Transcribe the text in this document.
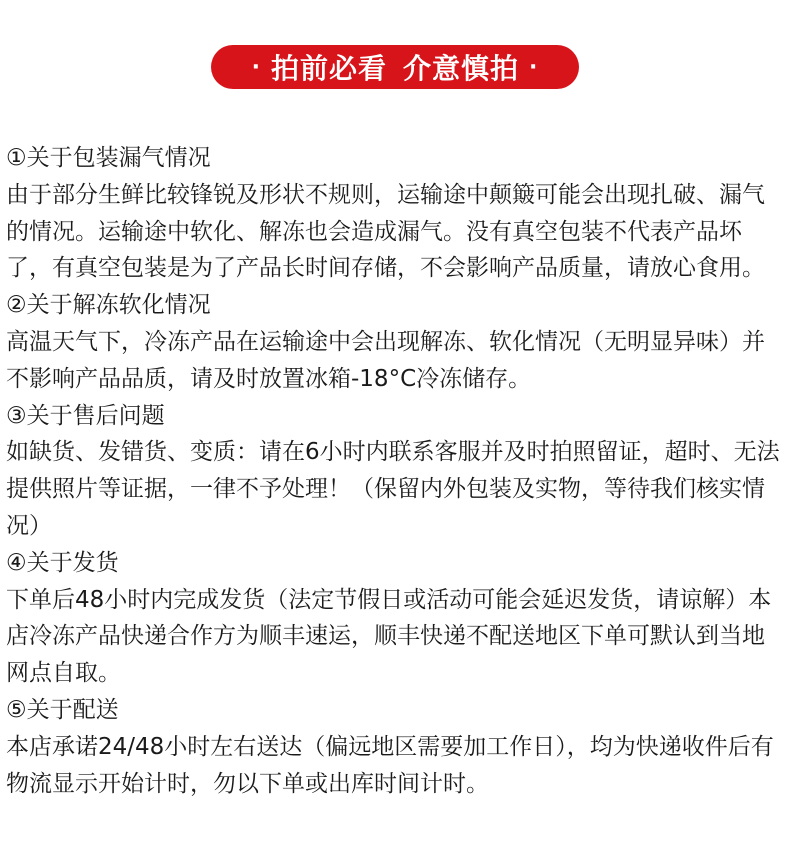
· 拍前必看 介意慎拍 ·

①关于包装漏气情况

由于部分生鲜比较锋锐及形状不规则，运输途中颠簸可能会出现扎破、漏气的情况。运输途中软化、解冻也会造成漏气。没有真空包装不代表产品坏了，有真空包装是为了产品长时间存储，不会影响产品质量，请放心食用。

②关于解冻软化情况

高温天气下，冷冻产品在运输途中会出现解冻、软化情况（无明显异味）并不影响产品品质，请及时放置冰箱-18°C冷冻储存。

③关于售后问题

如缺货、发错货、变质：请在6小时内联系客服并及时拍照留证，超时、无法提供照片等证据，一律不予处理！（保留内外包装及实物，等待我们核实情况）

④关于发货

下单后48小时内完成发货（法定节假日或活动可能会延迟发货，请谅解）本店冷冻产品快递合作方为顺丰速运，顺丰快递不配送地区下单可默认到当地网点自取。

⑤关于配送

本店承诺24/48小时左右送达（偏远地区需要加工作日），均为快递收件后有物流显示开始计时，勿以下单或出库时间计时。
